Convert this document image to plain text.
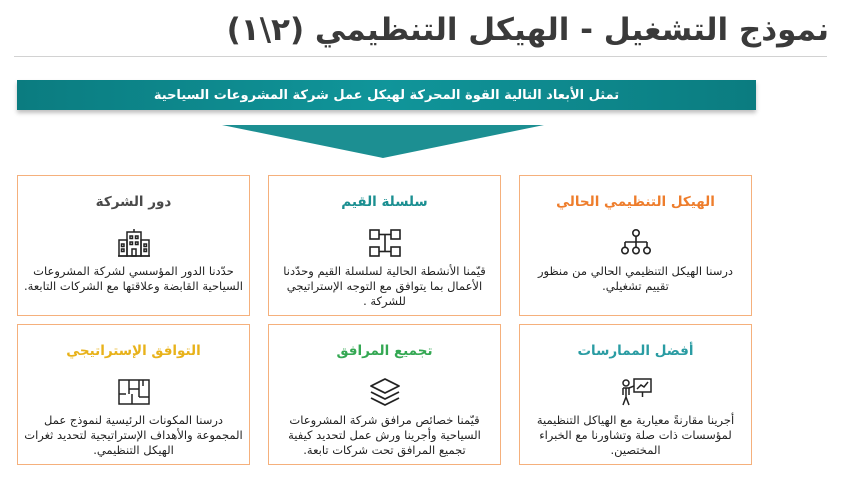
نموذج التشغيل - الهيكل التنظيمي (٢\١)
تمثل الأبعاد التالية القوة المحركة لهيكل عمل شركة المشروعات السياحية
الهيكل التنظيمي الحالي
درسنا الهيكل التنظيمي الحالي من منظور تقييم تشغيلي.
سلسلة القيم
قيّمنا الأنشطة الحالية لسلسلة القيم وحدّدنا الأعمال بما يتوافق مع التوجه الإستراتيجي للشركة .
دور الشركة
حدّدنا الدور المؤسسي لشركة المشروعات السياحية القابضة وعلاقتها مع الشركات التابعة.
أفضل الممارسات
أجرينا مقارنةً معيارية مع الهياكل التنظيمية لمؤسسات ذات صلة وتشاورنا مع الخبراء المختصين.
تجميع المرافق
قيّمنا خصائص مرافق شركة المشروعات السياحية وأجرينا ورش عمل لتحديد كيفية تجميع المرافق تحت شركات تابعة.
التوافق الإستراتيجي
درسنا المكونات الرئيسية لنموذج عمل المجموعة والأهداف الإستراتيجية لتحديد ثغرات الهيكل التنظيمي.
